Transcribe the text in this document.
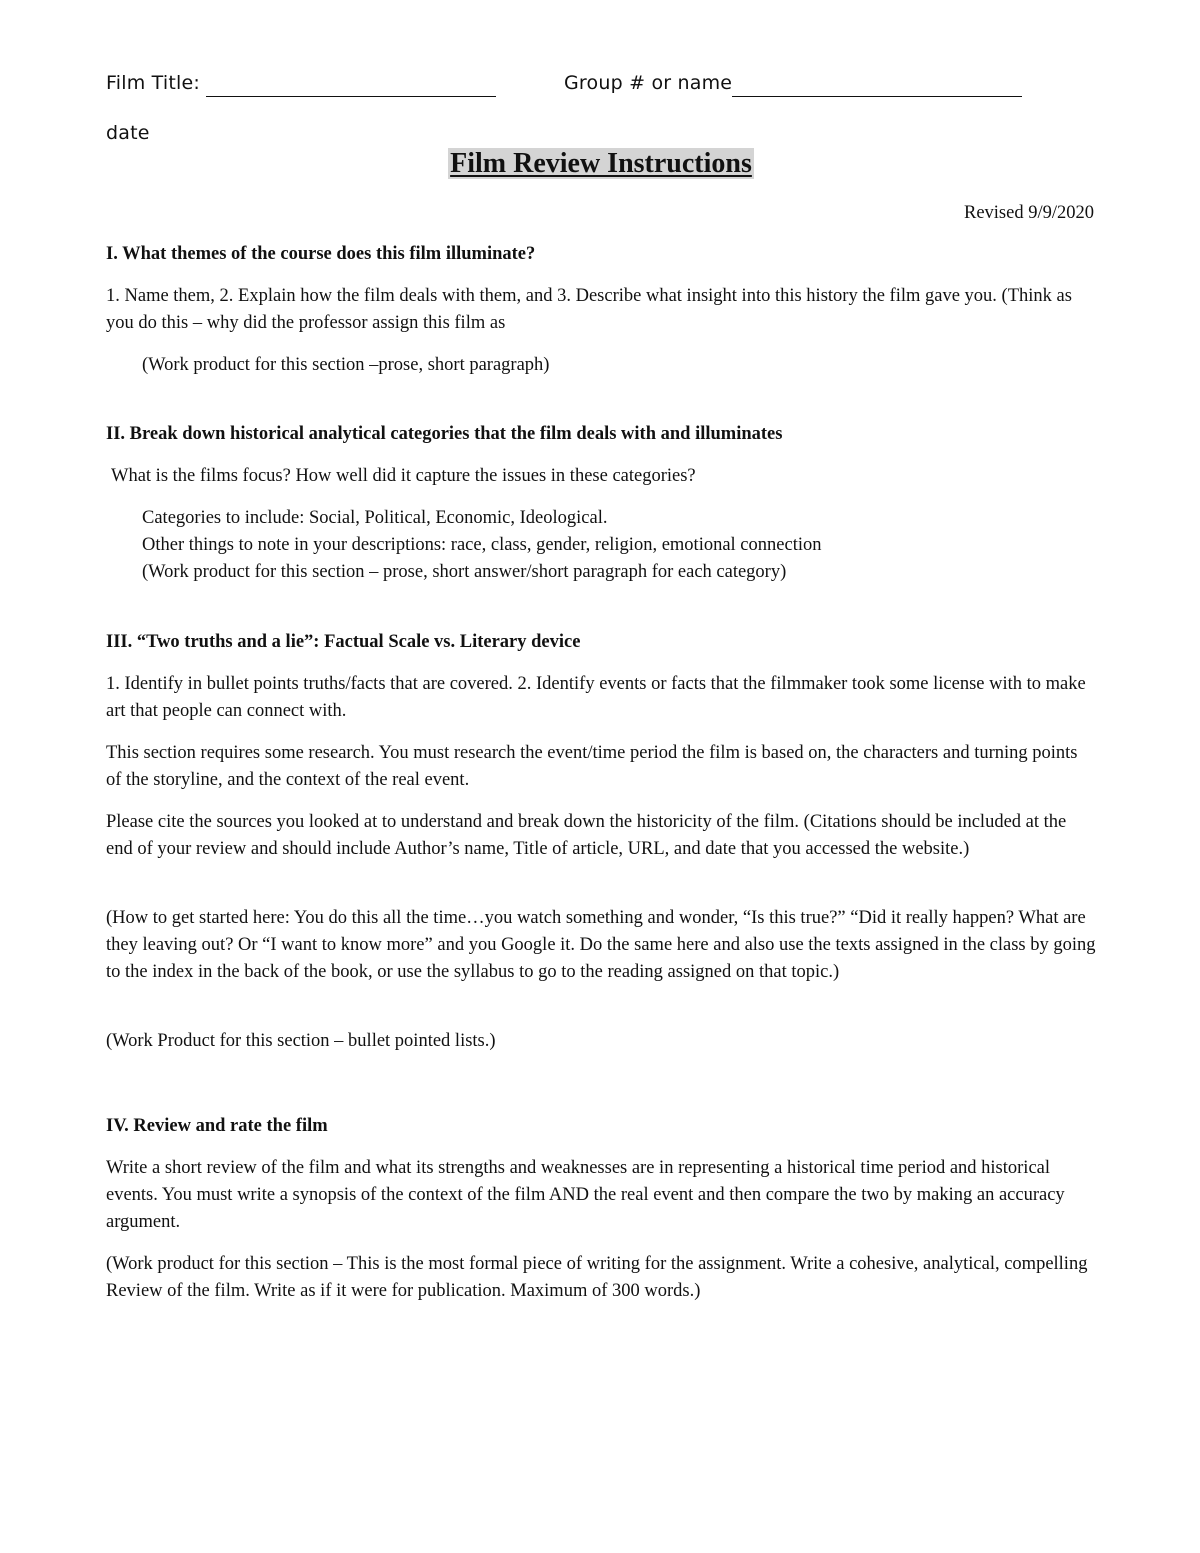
Film Title:	Group # or name
date
Film Review Instructions
Revised 9/9/2020

I. What themes of the course does this film illuminate?

1. Name them, 2. Explain how the film deals with them, and 3. Describe what insight into this history the film gave you. (Think as you do this – why did the professor assign this film as

(Work product for this section –prose, short paragraph)

II. Break down historical analytical categories that the film deals with and illuminates

What is the films focus? How well did it capture the issues in these categories?

Categories to include: Social, Political, Economic, Ideological.

Other things to note in your descriptions: race, class, gender, religion, emotional connection

(Work product for this section – prose, short answer/short paragraph for each category)

III. “Two truths and a lie”: Factual Scale vs. Literary device

1. Identify in bullet points truths/facts that are covered. 2. Identify events or facts that the filmmaker took some license with to make art that people can connect with.

This section requires some research. You must research the event/time period the film is based on, the characters and turning points of the storyline, and the context of the real event.

Please cite the sources you looked at to understand and break down the historicity of the film. (Citations should be included at the end of your review and should include Author’s name, Title of article, URL, and date that you accessed the website.)

(How to get started here: You do this all the time…you watch something and wonder, “Is this true?” “Did it really happen? What are they leaving out? Or “I want to know more” and you Google it. Do the same here and also use the texts assigned in the class by going to the index in the back of the book, or use the syllabus to go to the reading assigned on that topic.)

(Work Product for this section – bullet pointed lists.)

IV. Review and rate the film

Write a short review of the film and what its strengths and weaknesses are in representing a historical time period and historical events. You must write a synopsis of the context of the film AND the real event and then compare the two by making an accuracy argument.

(Work product for this section – This is the most formal piece of writing for the assignment. Write a cohesive, analytical, compelling Review of the film. Write as if it were for publication. Maximum of 300 words.)
